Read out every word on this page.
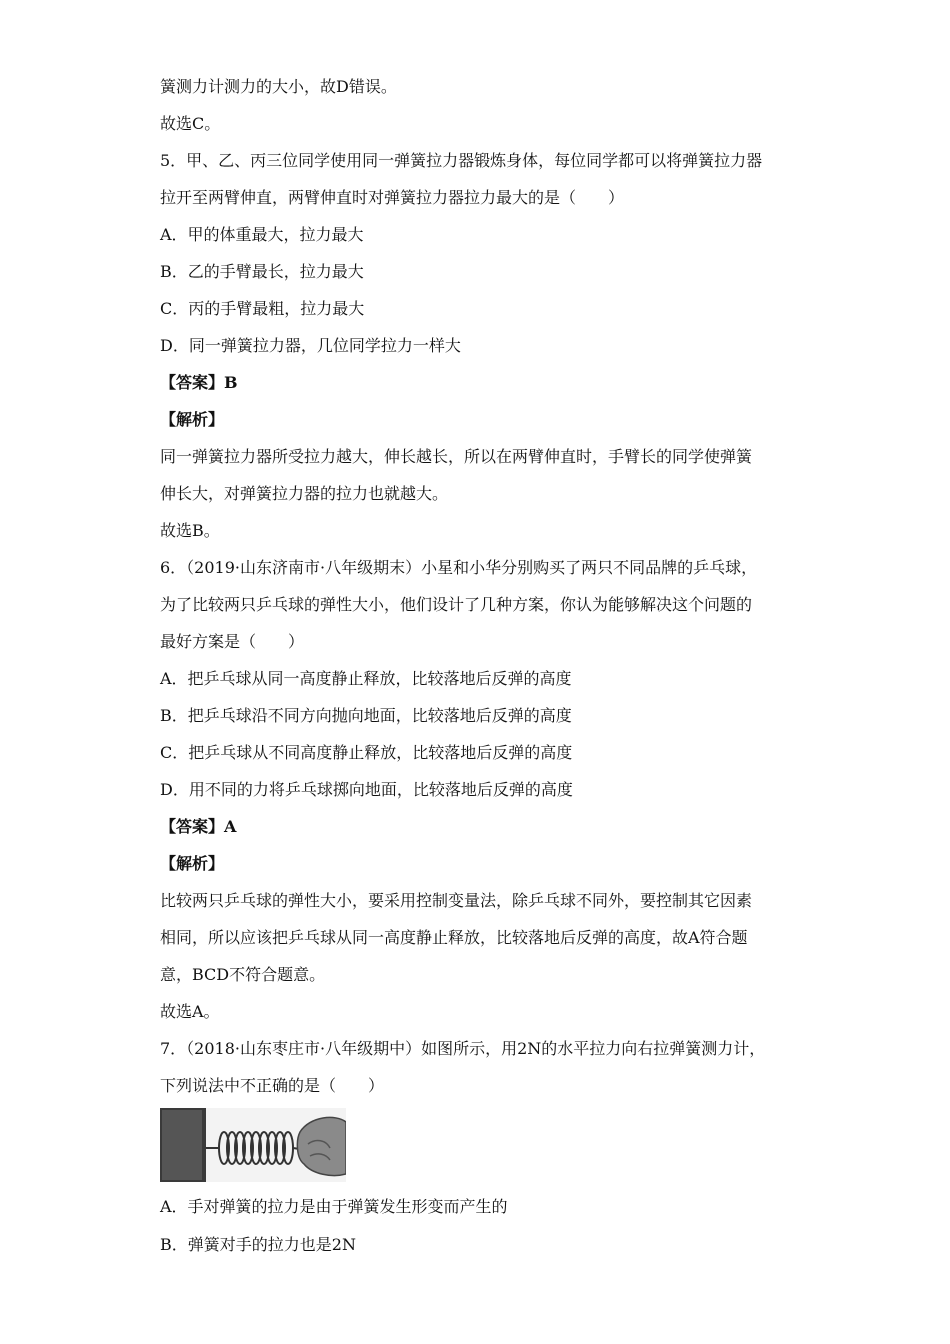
簧测力计测力的大小，故D错误。
故选C。
5．甲、乙、丙三位同学使用同一弹簧拉力器锻炼身体，每位同学都可以将弹簧拉力器
拉开至两臂伸直，两臂伸直时对弹簧拉力器拉力最大的是（　　）
A．甲的体重最大，拉力最大
B．乙的手臂最长，拉力最大
C．丙的手臂最粗，拉力最大
D．同一弹簧拉力器，几位同学拉力一样大
【答案】B
【解析】
同一弹簧拉力器所受拉力越大，伸长越长，所以在两臂伸直时，手臂长的同学使弹簧
伸长大，对弹簧拉力器的拉力也就越大。
故选B。
6．（2019·山东济南市·八年级期末）小星和小华分别购买了两只不同品牌的乒乓球，
为了比较两只乒乓球的弹性大小，他们设计了几种方案，你认为能够解决这个问题的
最好方案是（　　）
A．把乒乓球从同一高度静止释放，比较落地后反弹的高度
B．把乒乓球沿不同方向抛向地面，比较落地后反弹的高度
C．把乒乓球从不同高度静止释放，比较落地后反弹的高度
D．用不同的力将乒乓球掷向地面，比较落地后反弹的高度
【答案】A
【解析】
比较两只乒乓球的弹性大小，要采用控制变量法，除乒乓球不同外，要控制其它因素
相同，所以应该把乒乓球从同一高度静止释放，比较落地后反弹的高度，故A符合题
意，BCD不符合题意。
故选A。
7．（2018·山东枣庄市·八年级期中）如图所示，用2N的水平拉力向右拉弹簧测力计，
下列说法中不正确的是（　　）
A．手对弹簧的拉力是由于弹簧发生形变而产生的
B．弹簧对手的拉力也是2N
